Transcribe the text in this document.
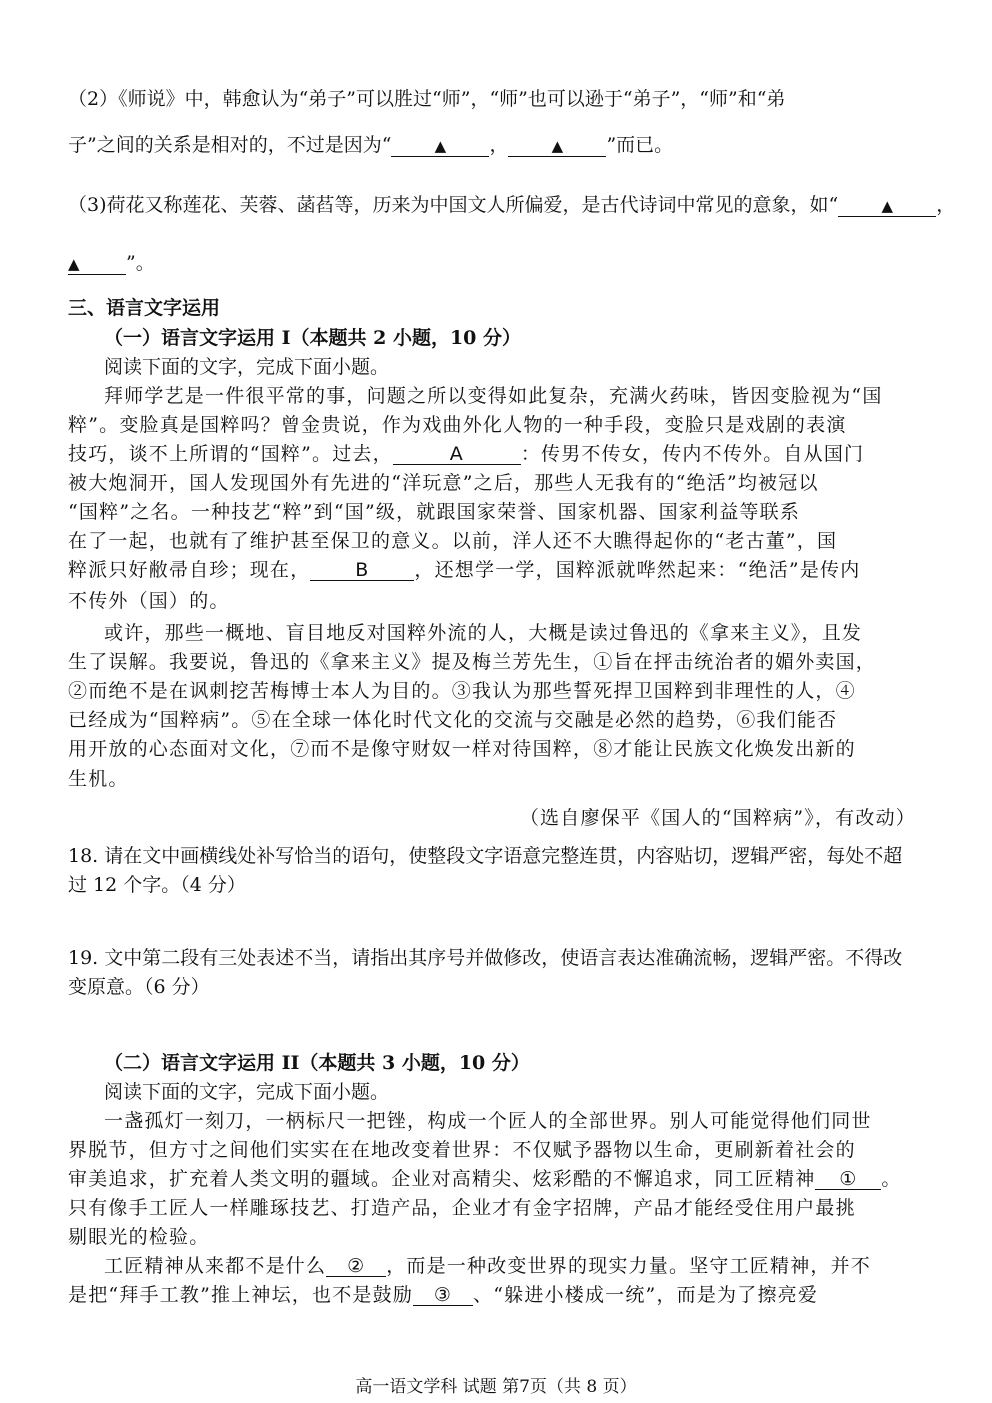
（2）《师说》中，韩愈认为“弟子”可以胜过“师”，“师”也可以逊于“弟子”，“师”和“弟
子”之间的关系是相对的，不过是因为“	▲ ，	▲ ”而已。
（3)荷花又称莲花、芙蓉、菡萏等，历来为中国文人所偏爱，是古代诗词中常见的意象，如“	▲ ，
▲ ”。
三、语言文字运用
（一）语言文字运用 I（本题共 2 小题，10 分）
阅读下面的文字，完成下面小题。
拜师学艺是一件很平常的事，问题之所以变得如此复杂，充满火药味，皆因变脸视为“国
粹”。变脸真是国粹吗？曾金贵说，作为戏曲外化人物的一种手段，变脸只是戏剧的表演
技巧，谈不上所谓的“国粹”。过去，	A	：传男不传女，传内不传外。自从国门
被大炮洞开，国人发现国外有先进的“洋玩意”之后，那些人无我有的“绝活”均被冠以
“国粹”之名。一种技艺“粹”到“国”级，就跟国家荣誉、国家机器、国家利益等联系
在了一起，也就有了维护甚至保卫的意义。以前，洋人还不大瞧得起你的“老古董”，国
粹派只好敝帚自珍；现在， B ，还想学一学，国粹派就哗然起来：“绝活”是传内
不传外（国）的。
或许，那些一概地、盲目地反对国粹外流的人，大概是读过鲁迅的《拿来主义》，且发
生了误解。我要说，鲁迅的《拿来主义》提及梅兰芳先生，①旨在抨击统治者的媚外卖国，
②而绝不是在讽刺挖苦梅博士本人为目的。③我认为那些誓死捍卫国粹到非理性的人，④
已经成为“国粹病”。⑤在全球一体化时代文化的交流与交融是必然的趋势，⑥我们能否
用开放的心态面对文化，⑦而不是像守财奴一样对待国粹，⑧才能让民族文化焕发出新的
生机。
（选自廖保平《国人的“国粹病”》，有改动）
18. 请在文中画横线处补写恰当的语句，使整段文字语意完整连贯，内容贴切，逻辑严密，每处不超
过 12 个字。（4 分）
19. 文中第二段有三处表述不当，请指出其序号并做修改，使语言表达准确流畅，逻辑严密。不得改
变原意。（6 分）
（二）语言文字运用 II（本题共 3 小题，10 分）
阅读下面的文字，完成下面小题。
一盏孤灯一刻刀，一柄标尺一把锉，构成一个匠人的全部世界。别人可能觉得他们同世
界脱节，但方寸之间他们实实在在地改变着世界：不仅赋予器物以生命，更刷新着社会的
审美追求，扩充着人类文明的疆域。企业对高精尖、炫彩酷的不懈追求，同工匠精神 ① 。
只有像手工匠人一样雕琢技艺、打造产品，企业才有金字招牌，产品才能经受住用户最挑
剔眼光的检验。
工匠精神从来都不是什么 ② ，而是一种改变世界的现实力量。坚守工匠精神，并不
是把“拜手工教”推上神坛，也不是鼓励 ③ 、“躲进小楼成一统”，而是为了擦亮爱
高一语文学科 试题 第7页（共 8 页）
